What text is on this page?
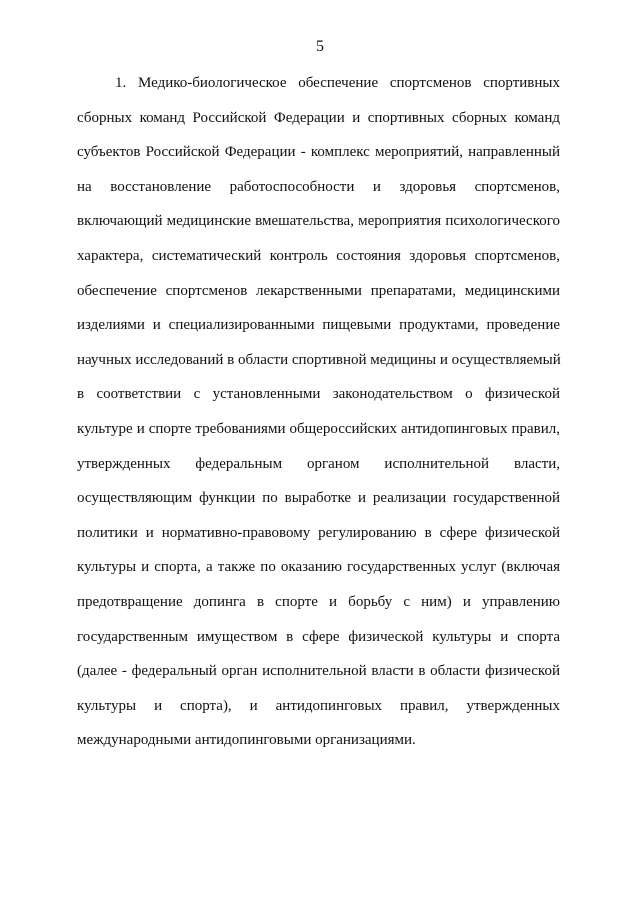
5
1. Медико-биологическое обеспечение спортсменов спортивных
сборных команд Российской Федерации и спортивных сборных команд
субъектов Российской Федерации - комплекс мероприятий, направленный
на восстановление работоспособности и здоровья спортсменов,
включающий медицинские вмешательства, мероприятия психологического
характера, систематический контроль состояния здоровья спортсменов,
обеспечение спортсменов лекарственными препаратами, медицинскими
изделиями и специализированными пищевыми продуктами, проведение
научных исследований в области спортивной медицины и осуществляемый
в соответствии с установленными законодательством о физической
культуре и спорте требованиями общероссийских антидопинговых правил,
утвержденных федеральным органом исполнительной власти,
осуществляющим функции по выработке и реализации государственной
политики и нормативно-правовому регулированию в сфере физической
культуры и спорта, а также по оказанию государственных услуг (включая
предотвращение допинга в спорте и борьбу с ним) и управлению
государственным имуществом в сфере физической культуры и спорта
(далее - федеральный орган исполнительной власти в области физической
культуры и спорта), и антидопинговых правил, утвержденных
международными антидопинговыми организациями.
